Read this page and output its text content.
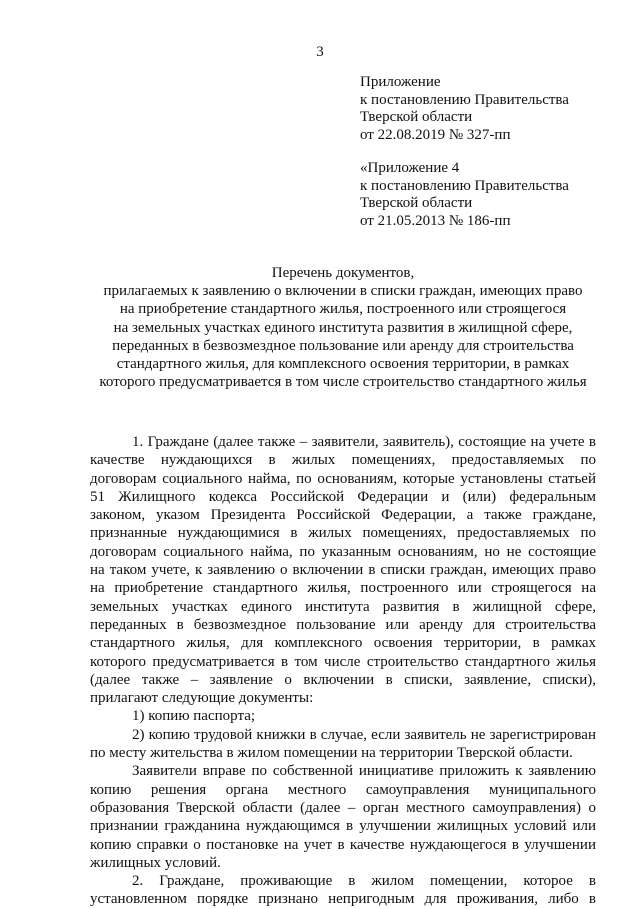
3
Приложение
к постановлению Правительства
Тверской области
от 22.08.2019 № 327-пп
«Приложение 4
к постановлению Правительства
Тверской области
от 21.05.2013 № 186-пп
Перечень документов,
прилагаемых к заявлению о включении в списки граждан, имеющих право
на приобретение стандартного жилья, построенного или строящегося
на земельных участках единого института развития в жилищной сфере,
переданных в безвозмездное пользование или аренду для строительства
стандартного жилья, для комплексного освоения территории, в рамках
которого предусматривается в том числе строительство стандартного жилья
1. Граждане (далее также – заявители, заявитель), состоящие на учете в
качестве нуждающихся в жилых помещениях, предоставляемых по
договорам социального найма, по основаниям, которые установлены статьей
51 Жилищного кодекса Российской Федерации и (или) федеральным
законом, указом Президента Российской Федерации, а также граждане,
признанные нуждающимися в жилых помещениях, предоставляемых по
договорам социального найма, по указанным основаниям, но не состоящие
на таком учете, к заявлению о включении в списки граждан, имеющих право
на приобретение стандартного жилья, построенного или строящегося на
земельных участках единого института развития в жилищной сфере,
переданных в безвозмездное пользование или аренду для строительства
стандартного жилья, для комплексного освоения территории, в рамках
которого предусматривается в том числе строительство стандартного жилья
(далее также – заявление о включении в списки, заявление, списки),
прилагают следующие документы:
1) копию паспорта;
2) копию трудовой книжки в случае, если заявитель не зарегистрирован
по месту жительства в жилом помещении на территории Тверской области.
Заявители вправе по собственной инициативе приложить к заявлению
копию решения органа местного самоуправления муниципального
образования Тверской области (далее – орган местного самоуправления) о
признании гражданина нуждающимся в улучшении жилищных условий или
копию справки о постановке на учет в качестве нуждающегося в улучшении
жилищных условий.
2. Граждане, проживающие в жилом помещении, которое в
установленном порядке признано непригодным для проживания, либо в
